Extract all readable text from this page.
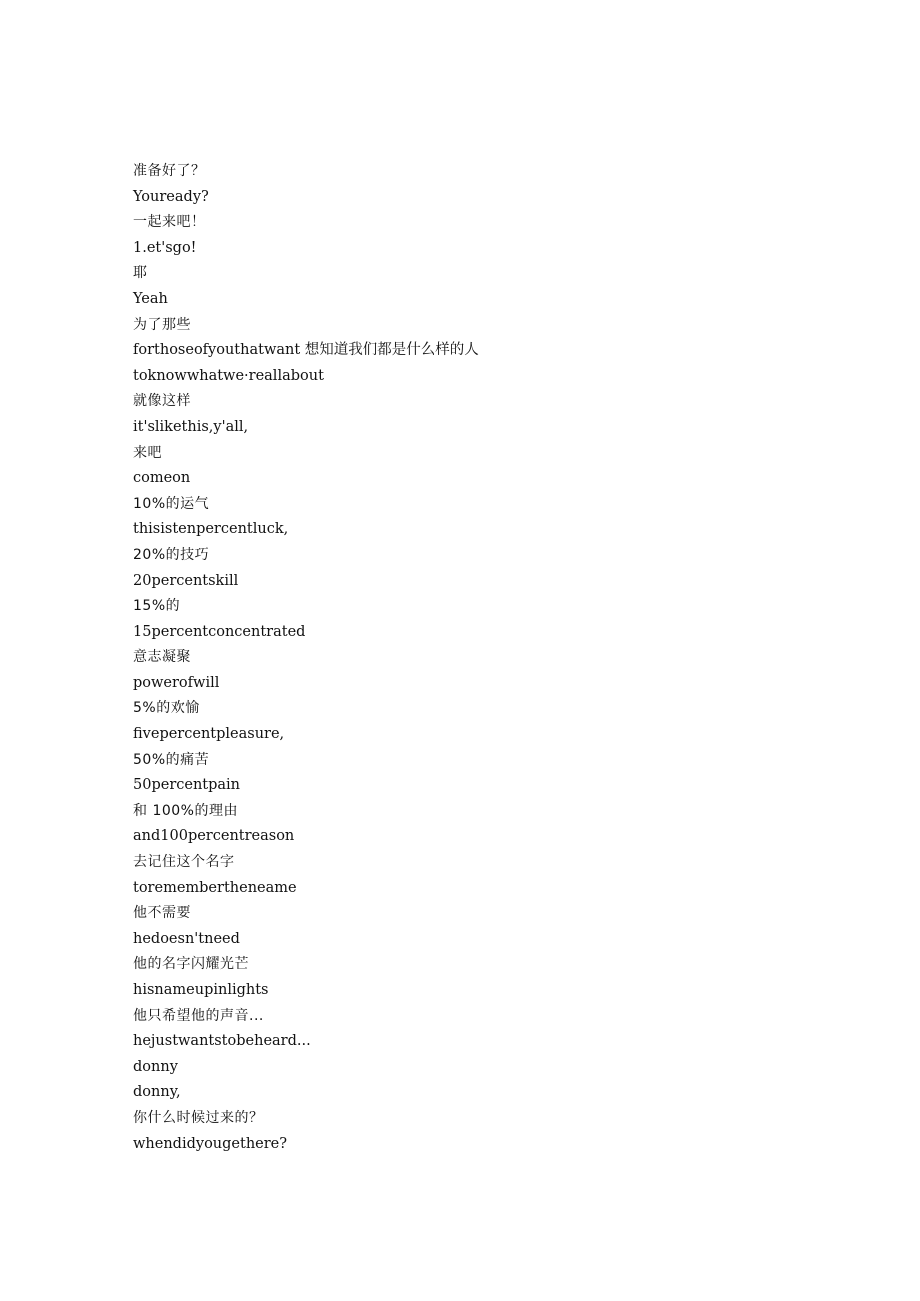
准备好了？
Youready?
一起来吧！
1.et'sgo!
耶
Yeah
为了那些
forthoseofyouthatwant 想知道我们都是什么样的人
toknowwhatwe·reallabout
就像这样
it'slikethis,y'all,
来吧
comeon
10%的运气
thisistenpercentluck,
20%的技巧
20percentskill
15%的
15percentconcentrated
意志凝聚
powerofwill
5%的欢愉
fivepercentpleasure,
50%的痛苦
50percentpain
和 100%的理由
and100percentreason
去记住这个名字
toremembertheneame
他不需要
hedoesn'tneed
他的名字闪耀光芒
hisnameupinlights
他只希望他的声音...
hejustwantstobeheard...
donny
donny,
你什么时候过来的？
whendidyougethere?
